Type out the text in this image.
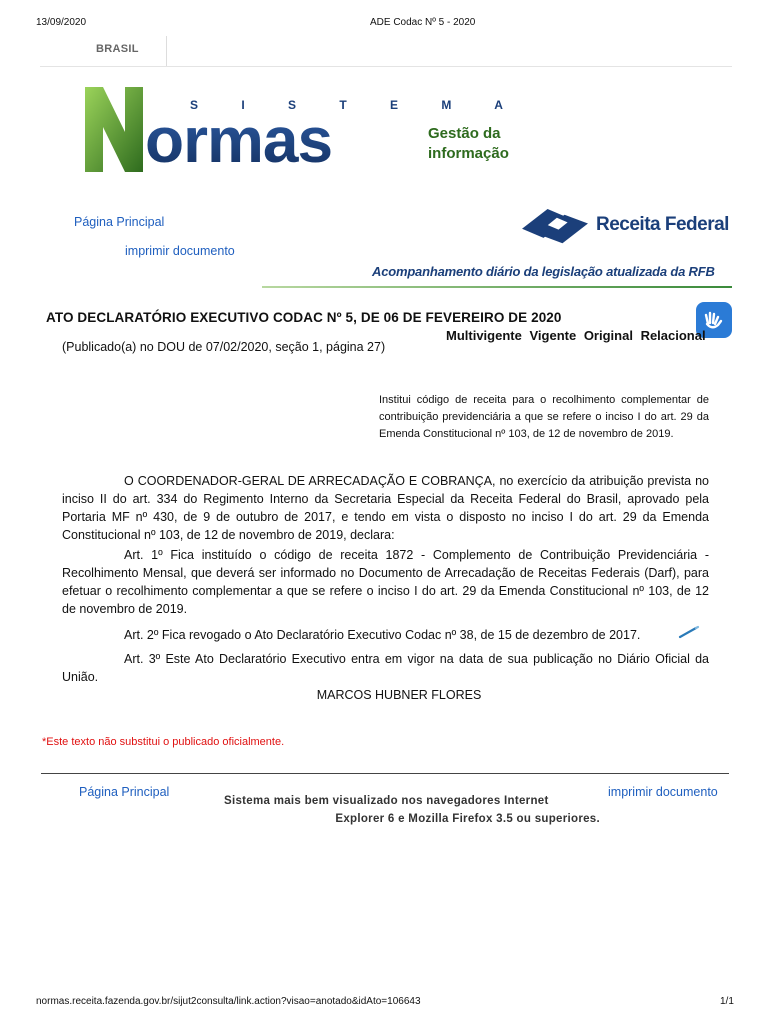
13/09/2020	ADE Codac Nº 5 - 2020
BRASIL
S I S T E M A
ormas	Gestão da
informação
Página Principal
imprimir documento
Receita Federal
Acompanhamento diário da legislação atualizada da RFB
ATO DECLARATÓRIO EXECUTIVO CODAC Nº 5, DE 06 DE FEVEREIRO DE 2020
Multivigente Vigente Original Relacional
(Publicado(a) no DOU de 07/02/2020, seção 1, página 27)
Institui código de receita para o recolhimento complementar de contribuição previdenciária a que se refere o inciso I do art. 29 da Emenda Constitucional nº 103, de 12 de novembro de 2019.
O COORDENADOR-GERAL DE ARRECADAÇÃO E COBRANÇA, no exercício da atribuição prevista no inciso II do art. 334 do Regimento Interno da Secretaria Especial da Receita Federal do Brasil, aprovado pela Portaria MF nº 430, de 9 de outubro de 2017, e tendo em vista o disposto no inciso I do art. 29 da Emenda Constitucional nº 103, de 12 de novembro de 2019, declara:
Art. 1º Fica instituído o código de receita 1872 - Complemento de Contribuição Previdenciária - Recolhimento Mensal, que deverá ser informado no Documento de Arrecadação de Receitas Federais (Darf), para efetuar o recolhimento complementar a que se refere o inciso I do art. 29 da Emenda Constitucional nº 103, de 12 de novembro de 2019.
Art. 2º Fica revogado o Ato Declaratório Executivo Codac nº 38, de 15 de dezembro de 2017.
Art. 3º Este Ato Declaratório Executivo entra em vigor na data de sua publicação no Diário Oficial da União.
MARCOS HUBNER FLORES
*Este texto não substitui o publicado oficialmente.
Página Principal	imprimir documento
Sistema mais bem visualizado nos navegadores Internet
Explorer 6 e Mozilla Firefox 3.5 ou superiores.
normas.receita.fazenda.gov.br/sijut2consulta/link.action?visao=anotado&idAto=106643	1/1
